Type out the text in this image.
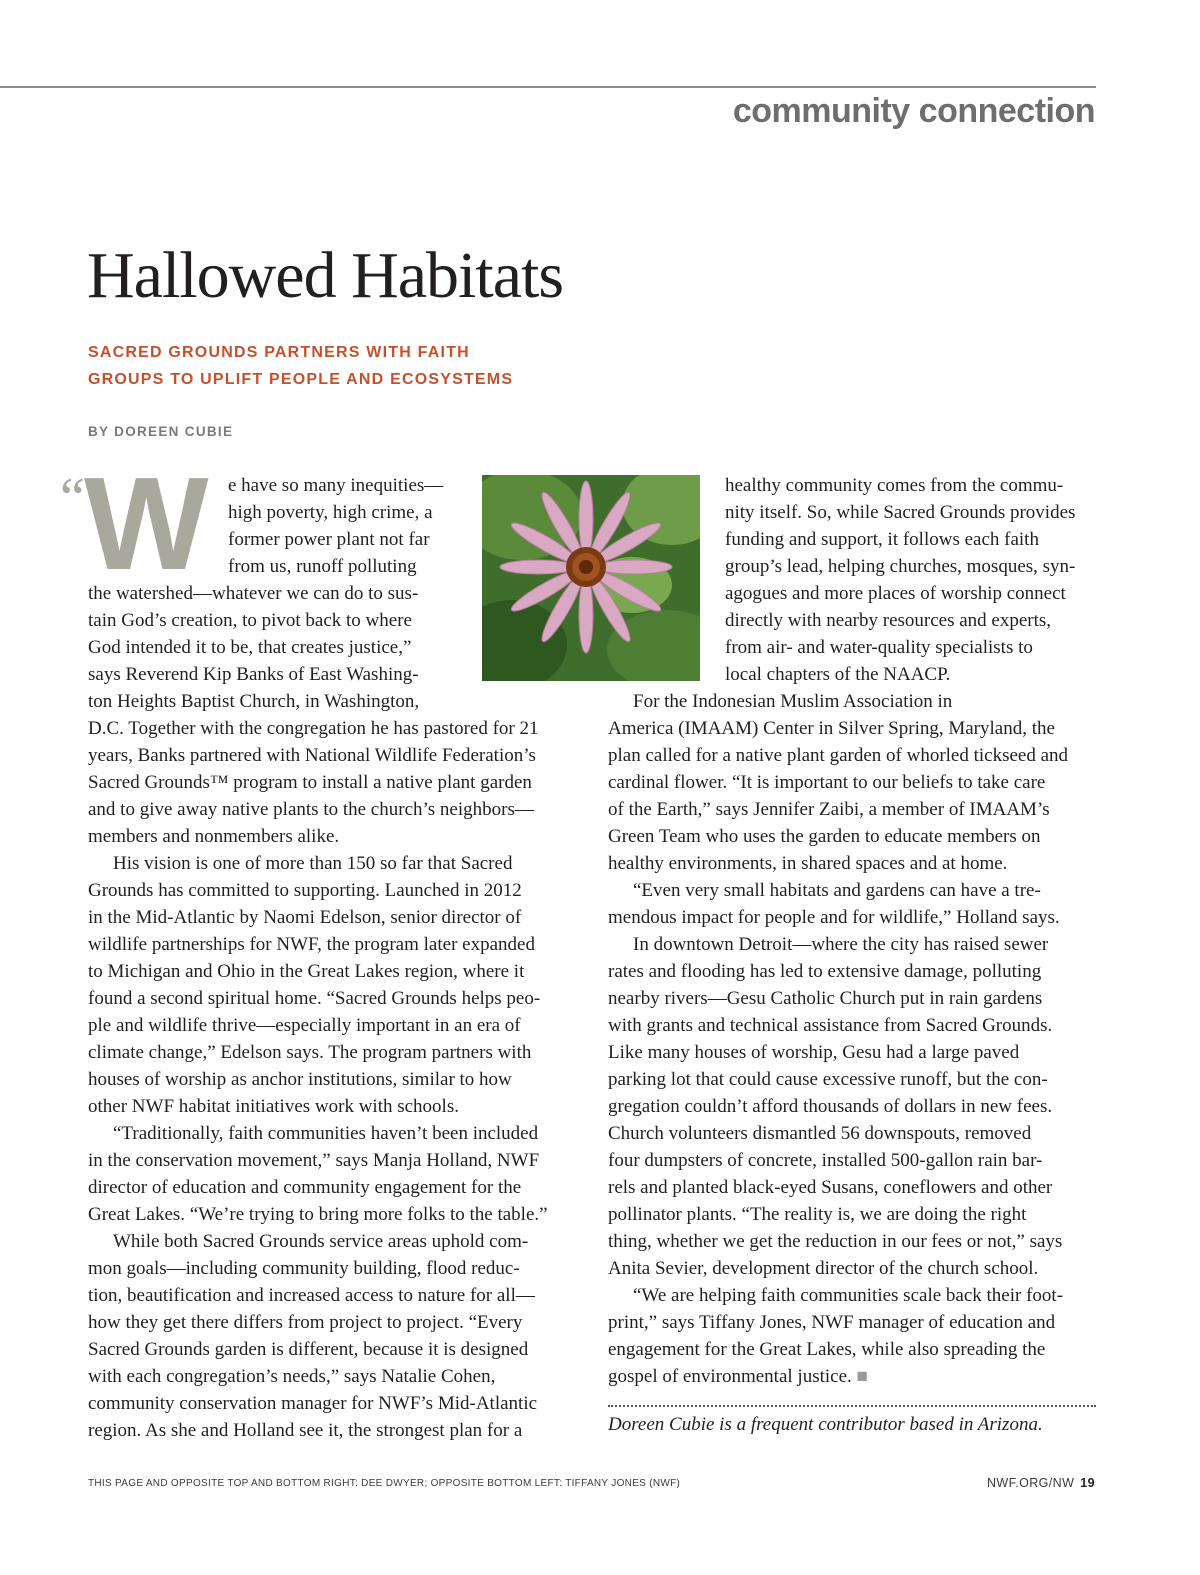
community connection
Hallowed Habitats
SACRED GROUNDS PARTNERS WITH FAITH
GROUPS TO UPLIFT PEOPLE AND ECOSYSTEMS
BY DOREEN CUBIE
“ W e have so many inequities—
high poverty, high crime, a
former power plant not far
from us, runoff polluting
the watershed—whatever we can do to sus-
tain God’s creation, to pivot back to where
God intended it to be, that creates justice,”
says Reverend Kip Banks of East Washing-
ton Heights Baptist Church, in Washington,
D.C. Together with the congregation he has pastored for 21
years, Banks partnered with National Wildlife Federation’s
Sacred Grounds™ program to install a native plant garden
and to give away native plants to the church’s neighbors—
members and nonmembers alike.
His vision is one of more than 150 so far that Sacred
Grounds has committed to supporting. Launched in 2012
in the Mid-Atlantic by Naomi Edelson, senior director of
wildlife partnerships for NWF, the program later expanded
to Michigan and Ohio in the Great Lakes region, where it
found a second spiritual home. “Sacred Grounds helps peo-
ple and wildlife thrive—especially important in an era of
climate change,” Edelson says. The program partners with
houses of worship as anchor institutions, similar to how
other NWF habitat initiatives work with schools.
“Traditionally, faith communities haven’t been included
in the conservation movement,” says Manja Holland, NWF
director of education and community engagement for the
Great Lakes. “We’re trying to bring more folks to the table.”
While both Sacred Grounds service areas uphold com-
mon goals—including community building, flood reduc-
tion, beautification and increased access to nature for all—
how they get there differs from project to project. “Every
Sacred Grounds garden is different, because it is designed
with each congregation’s needs,” says Natalie Cohen,
community conservation manager for NWF’s Mid-Atlantic
region. As she and Holland see it, the strongest plan for a
healthy community comes from the commu-
nity itself. So, while Sacred Grounds provides
funding and support, it follows each faith
group’s lead, helping churches, mosques, syn-
agogues and more places of worship connect
directly with nearby resources and experts,
from air- and water-quality specialists to
local chapters of the NAACP.
For the Indonesian Muslim Association in
America (IMAAM) Center in Silver Spring, Maryland, the
plan called for a native plant garden of whorled tickseed and
cardinal flower. “It is important to our beliefs to take care
of the Earth,” says Jennifer Zaibi, a member of IMAAM’s
Green Team who uses the garden to educate members on
healthy environments, in shared spaces and at home.
“Even very small habitats and gardens can have a tre-
mendous impact for people and for wildlife,” Holland says.
In downtown Detroit—where the city has raised sewer
rates and flooding has led to extensive damage, polluting
nearby rivers—Gesu Catholic Church put in rain gardens
with grants and technical assistance from Sacred Grounds.
Like many houses of worship, Gesu had a large paved
parking lot that could cause excessive runoff, but the con-
gregation couldn’t afford thousands of dollars in new fees.
Church volunteers dismantled 56 downspouts, removed
four dumpsters of concrete, installed 500-gallon rain bar-
rels and planted black-eyed Susans, coneflowers and other
pollinator plants. “The reality is, we are doing the right
thing, whether we get the reduction in our fees or not,” says
Anita Sevier, development director of the church school.
“We are helping faith communities scale back their foot-
print,” says Tiffany Jones, NWF manager of education and
engagement for the Great Lakes, while also spreading the
gospel of environmental justice. ■
Doreen Cubie is a frequent contributor based in Arizona.
THIS PAGE AND OPPOSITE TOP AND BOTTOM RIGHT: DEE DWYER; OPPOSITE BOTTOM LEFT: TIFFANY JONES (NWF)	NWF.ORG/NW 19
